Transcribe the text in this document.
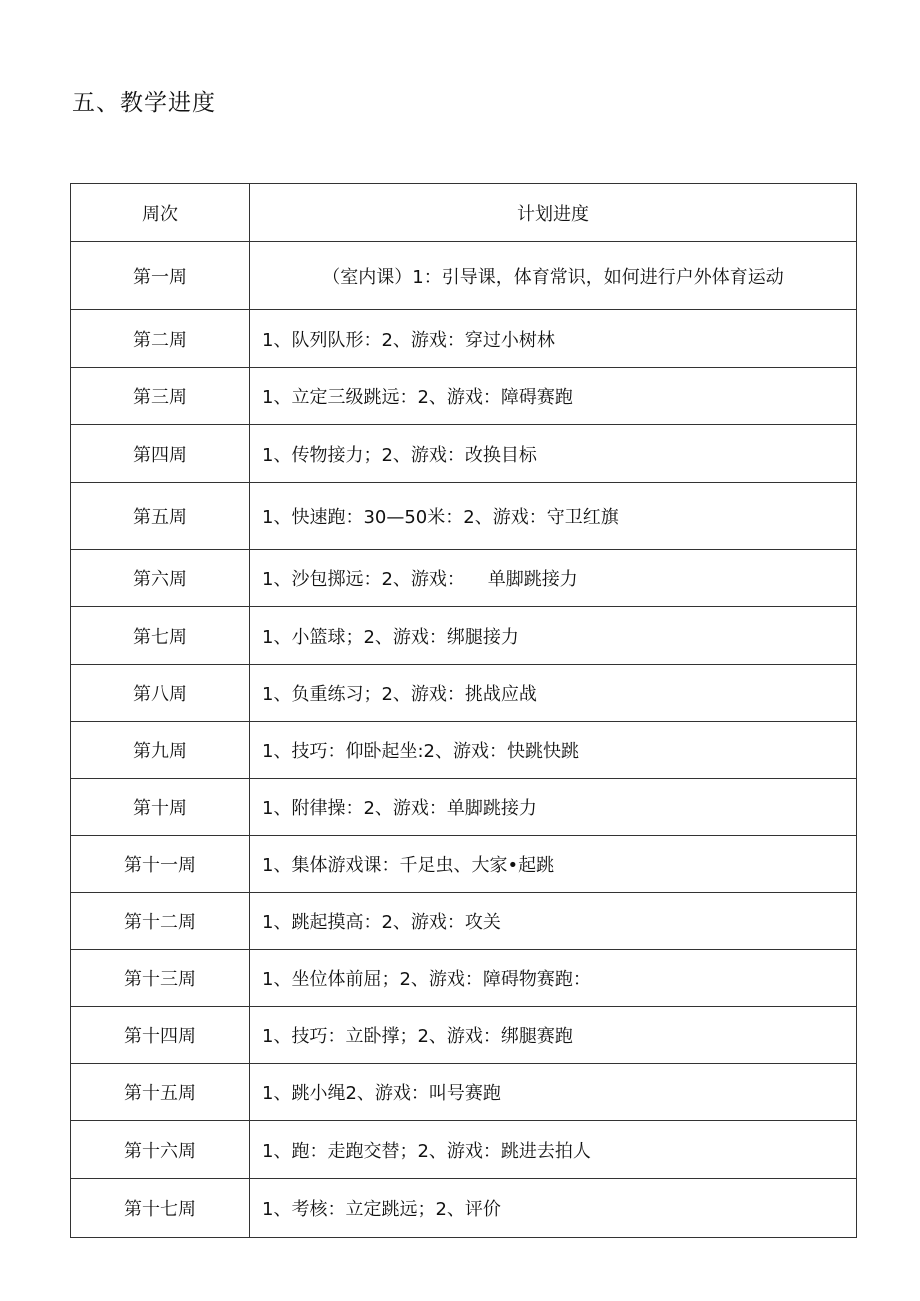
五、教学进度
周次	计划进度
第一周	（室内课）1：引导课，体育常识，如何进行户外体育运动
第二周	1、队列队形：2、游戏：穿过小树林
第三周	1、立定三级跳远：2、游戏：障碍赛跑
第四周	1、传物接力；2、游戏：改换目标
第五周	1、快速跑：30—50米：2、游戏：守卫红旗
第六周	1、沙包掷远：2、游戏：    单脚跳接力
第七周	1、小篮球；2、游戏：绑腿接力
第八周	1、负重练习；2、游戏：挑战应战
第九周	1、技巧：仰卧起坐:2、游戏：快跳快跳
第十周	1、附律操：2、游戏：单脚跳接力
第十一周	1、集体游戏课：千足虫、大家•起跳
第十二周	1、跳起摸高：2、游戏：攻关
第十三周	1、坐位体前屈；2、游戏：障碍物赛跑：
第十四周	1、技巧：立卧撑；2、游戏：绑腿赛跑
第十五周	1、跳小绳2、游戏：叫号赛跑
第十六周	1、跑：走跑交替；2、游戏：跳进去拍人
第十七周	1、考核：立定跳远；2、评价
